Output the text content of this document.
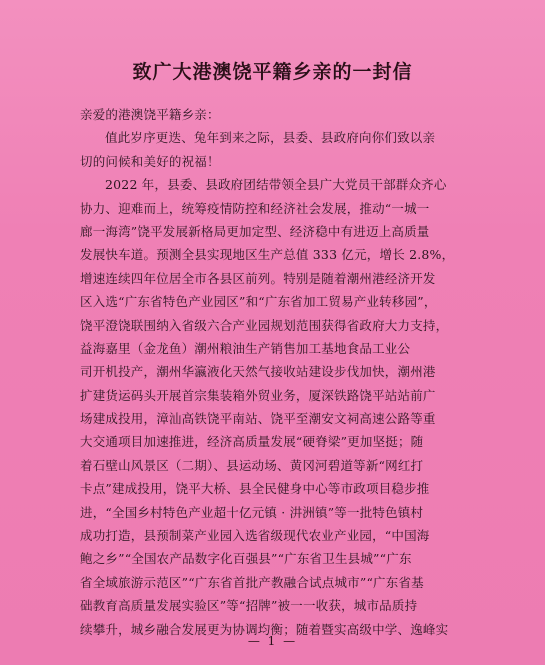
致广大港澳饶平籍乡亲的一封信
亲爱的港澳饶平籍乡亲：
值此岁序更迭、兔年到来之际，县委、县政府向你们致以亲
切的问候和美好的祝福！
2022 年，县委、县政府团结带领全县广大党员干部群众齐心
协力、迎难而上，统筹疫情防控和经济社会发展，推动“一城一
廊一海湾”饶平发展新格局更加定型、经济稳中有进迈上高质量
发展快车道。预测全县实现地区生产总值 333 亿元，增长 2.8%，
增速连续四年位居全市各县区前列。特别是随着潮州港经济开发
区入选“广东省特色产业园区”和“广东省加工贸易产业转移园”，
饶平澄饶联围纳入省级六合产业园规划范围获得省政府大力支持，
益海嘉里（金龙鱼）潮州粮油生产销售加工基地食品工业公
司开机投产，潮州华瀛液化天然气接收站建设步伐加快，潮州港
扩建货运码头开展首宗集装箱外贸业务，厦深铁路饶平站站前广
场建成投用，漳汕高铁饶平南站、饶平至潮安文祠高速公路等重
大交通项目加速推进，经济高质量发展“硬脊梁”更加坚挺；随
着石壁山风景区（二期）、县运动场、黄冈河碧道等新“网红打
卡点”建成投用，饶平大桥、县全民健身中心等市政项目稳步推
进，“全国乡村特色产业超十亿元镇 · 汫洲镇”等一批特色镇村
成功打造，县预制菜产业园入选省级现代农业产业园，“中国海
鲍之乡”“全国农产品数字化百强县”“广东省卫生县城”“广东
省全域旅游示范区”“广东省首批产教融合试点城市”“广东省基
础教育高质量发展实验区”等“招牌”被一一收获，城市品质持
续攀升，城乡融合发展更为协调均衡；随着暨实高级中学、逸峰实
— 1 —
